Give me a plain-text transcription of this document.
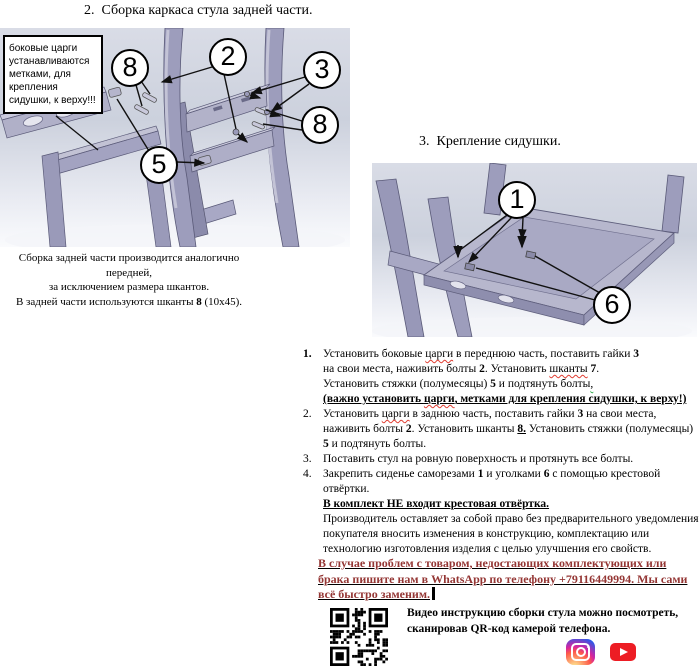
2.  Сборка каркаса стула задней части.
боковые царги устанавливаются метками, для крепления сидушки, к верху!!!
8	2	3
8
5
Сборка задней части производится аналогично передней,
за исключением размера шкантов.
В задней части используются шканты 8 (10x45).
3.  Крепление сидушки.
1
6
1. Установить боковые царги в переднюю часть, поставить гайки 3
на свои места, наживить болты 2. Установить шканты 7.
Установить стяжки (полумесяцы) 5 и подтянуть болты,
(важно установить царги, метками для крепления сидушки, к верху!)
2. Установить царги в заднюю часть, поставить гайки 3 на свои места,
наживить болты 2. Установить шканты 8. Установить стяжки (полумесяцы)
5 и подтянуть болты.
3. Поставить стул на ровную поверхность и протянуть все болты.
4. Закрепить сиденье саморезами 1 и уголками 6 с помощью крестовой
отвёртки.
В комплект НЕ входит крестовая отвёртка.
Производитель оставляет за собой право без предварительного уведомления
покупателя вносить изменения в конструкцию, комплектацию или
технологию изготовления изделия с целью улучшения его свойств.
В случае проблем с товаром, недостающих комплектующих или
брака пишите нам в WhatsApp по телефону +79116449994. Мы сами
всё быстро заменим.
Видео инструкцию сборки стула можно посмотреть,
сканировав QR-код камерой телефона.
